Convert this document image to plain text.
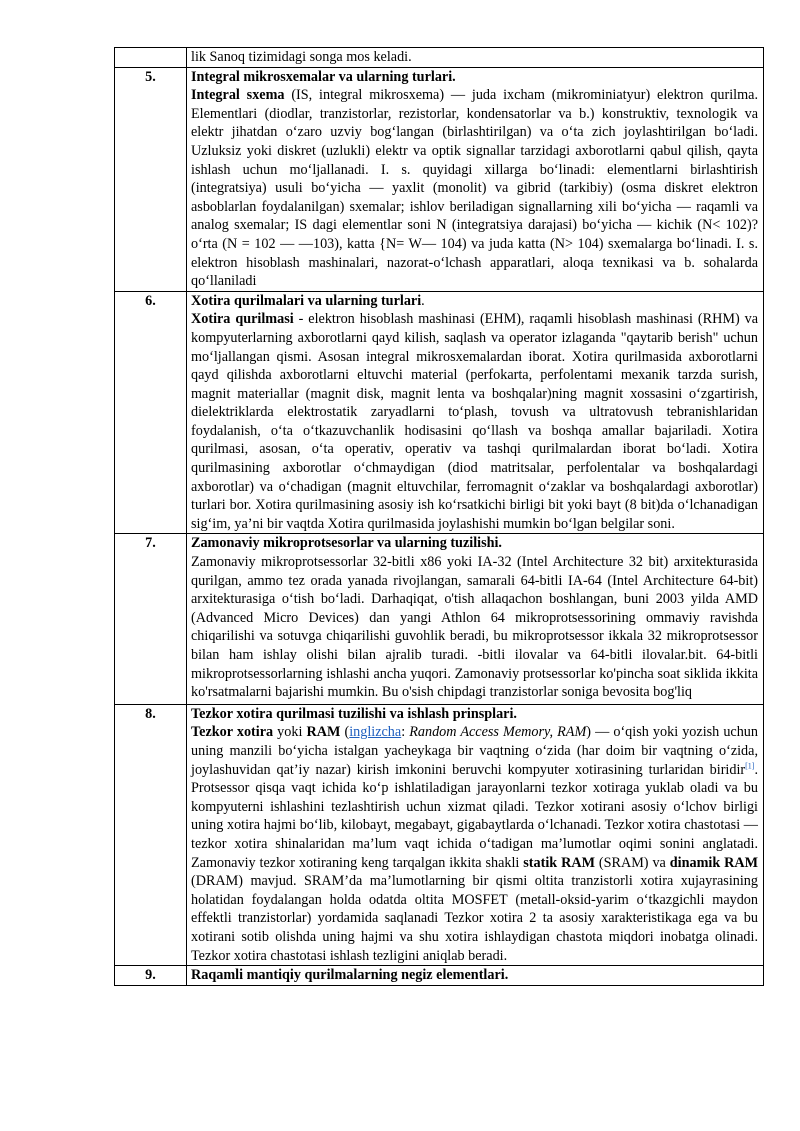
	lik Sanoq tizimidagi songa mos keladi.

5.	Integral mikrosxemalar va ularning turlari.
Integral sxema (IS, integral mikrosxema) — juda ixcham (mikrominiatyur) elektron qurilma. Elementlari (diodlar, tranzistorlar, rezistorlar, kondensatorlar va b.) konstruktiv, texnologik va elektr jihatdan o‘zaro uzviy bog‘langan (birlashtirilgan) va o‘ta zich joylashtirilgan bo‘ladi. Uzluksiz yoki diskret (uzlukli) elektr va optik signallar tarzidagi axborotlarni qabul qilish, qayta ishlash uchun mo‘ljallanadi. I. s. quyidagi xillarga bo‘linadi: elementlarni birlashtirish (integratsiya) usuli bo‘yicha — yaxlit (monolit) va gibrid (tarkibiy) (osma diskret elektron asboblarlan foydalanilgan) sxemalar; ishlov beriladigan signallarning xili bo‘yicha — raqamli va analog sxemalar; IS dagi elementlar soni N (integratsiya darajasi) bo‘yicha — kichik (N< 102)? o‘rta (N = 102 — —103), katta {N= W— 104) va juda katta (N> 104) sxemalarga bo‘linadi. I. s. elektron hisoblash mashinalari, nazorat-o‘lchash apparatlari, aloqa texnikasi va b. sohalarda qo‘llaniladi
6.	Xotira qurilmalari va ularning turlari.
Xotira qurilmasi - elektron hisoblash mashinasi (EHM), raqamli hisoblash mashinasi (RHM) va kompyuterlarning axborotlarni qayd kilish, saqlash va operator izlaganda "qaytarib berish" uchun mo‘ljallangan qismi. Asosan integral mikrosxemalardan iborat. Xotira qurilmasida axborotlarni qayd qilishda axborotlarni eltuvchi material (perfokarta, perfolentami mexanik tarzda surish, magnit materiallar (magnit disk, magnit lenta va boshqalar)ning magnit xossasini o‘zgartirish, dielektriklarda elektrostatik zaryadlarni to‘plash, tovush va ultratovush tebranishlaridan foydalanish, o‘ta o‘tkazuvchanlik hodisasini qo‘llash va boshqa amallar bajariladi. Xotira qurilmasi, asosan, o‘ta operativ, operativ va tashqi qurilmalardan iborat bo‘ladi. Xotira qurilmasining axborotlar o‘chmaydigan (diod matritsalar, perfolentalar va boshqalardagi axborotlar) va o‘chadigan (magnit eltuvchilar, ferromagnit o‘zaklar va boshqalardagi axborotlar) turlari bor. Xotira qurilmasining asosiy ish ko‘rsatkichi birligi bit yoki bayt (8 bit)da o‘lchanadigan sig‘im, ya’ni bir vaqtda Xotira qurilmasida joylashishi mumkin bo‘lgan belgilar soni.
7.	Zamonaviy mikroprotsesorlar va ularning tuzilishi.
Zamonaviy mikroprotsessorlar 32-bitli x86 yoki IA-32 (Intel Architecture 32 bit) arxitekturasida qurilgan, ammo tez orada yanada rivojlangan, samarali 64-bitli IA-64 (Intel Architecture 64-bit) arxitekturasiga o‘tish bo‘ladi. Darhaqiqat, o'tish allaqachon boshlangan, buni 2003 yilda AMD (Advanced Micro Devices) dan yangi Athlon 64 mikroprotsessorining ommaviy ravishda chiqarilishi va sotuvga chiqarilishi guvohlik beradi, bu mikroprotsessor ikkala 32 mikroprotsessor bilan ham ishlay olishi bilan ajralib turadi. -bitli ilovalar va 64-bitli ilovalar.bit. 64-bitli mikroprotsessorlarning ishlashi ancha yuqori. Zamonaviy protsessorlar ko'pincha soat siklida ikkita ko'rsatmalarni bajarishi mumkin. Bu o'sish chipdagi tranzistorlar soniga bevosita bog'liq

8.	Tezkor xotira qurilmasi tuzilishi va ishlash prinsplari.
Tezkor xotira yoki RAM (inglizcha: Random Access Memory, RAM) — o‘qish yoki yozish uchun uning manzili bo‘yicha istalgan yacheykaga bir vaqtning o‘zida (har doim bir vaqtning o‘zida, joylashuvidan qat’iy nazar) kirish imkonini beruvchi kompyuter xotirasining turlaridan biridir[1]. Protsessor qisqa vaqt ichida ko‘p ishlatiladigan jarayonlarni tezkor xotiraga yuklab oladi va bu kompyuterni ishlashini tezlashtirish uchun xizmat qiladi. Tezkor xotirani asosiy o‘lchov birligi uning xotira hajmi bo‘lib, kilobayt, megabayt, gigabaytlarda o‘lchanadi. Tezkor xotira chastotasi — tezkor xotira shinalaridan ma’lum vaqt ichida o‘tadigan ma’lumotlar oqimi sonini anglatadi. Zamonaviy tezkor xotiraning keng tarqalgan ikkita shakli statik RAM (SRAM) va dinamik RAM (DRAM) mavjud. SRAM’da ma’lumotlarning bir qismi oltita tranzistorli xotira xujayrasining holatidan foydalangan holda odatda oltita MOSFET (metall-oksid-yarim o‘tkazgichli maydon effektli tranzistorlar) yordamida saqlanadi Tezkor xotira 2 ta asosiy xarakteristikaga ega va bu xotirani sotib olishda uning hajmi va shu xotira ishlaydigan chastota miqdori inobatga olinadi. Tezkor xotira chastotasi ishlash tezligini aniqlab beradi.
9.	Raqamli mantiqiy qurilmalarning negiz elementlari.
